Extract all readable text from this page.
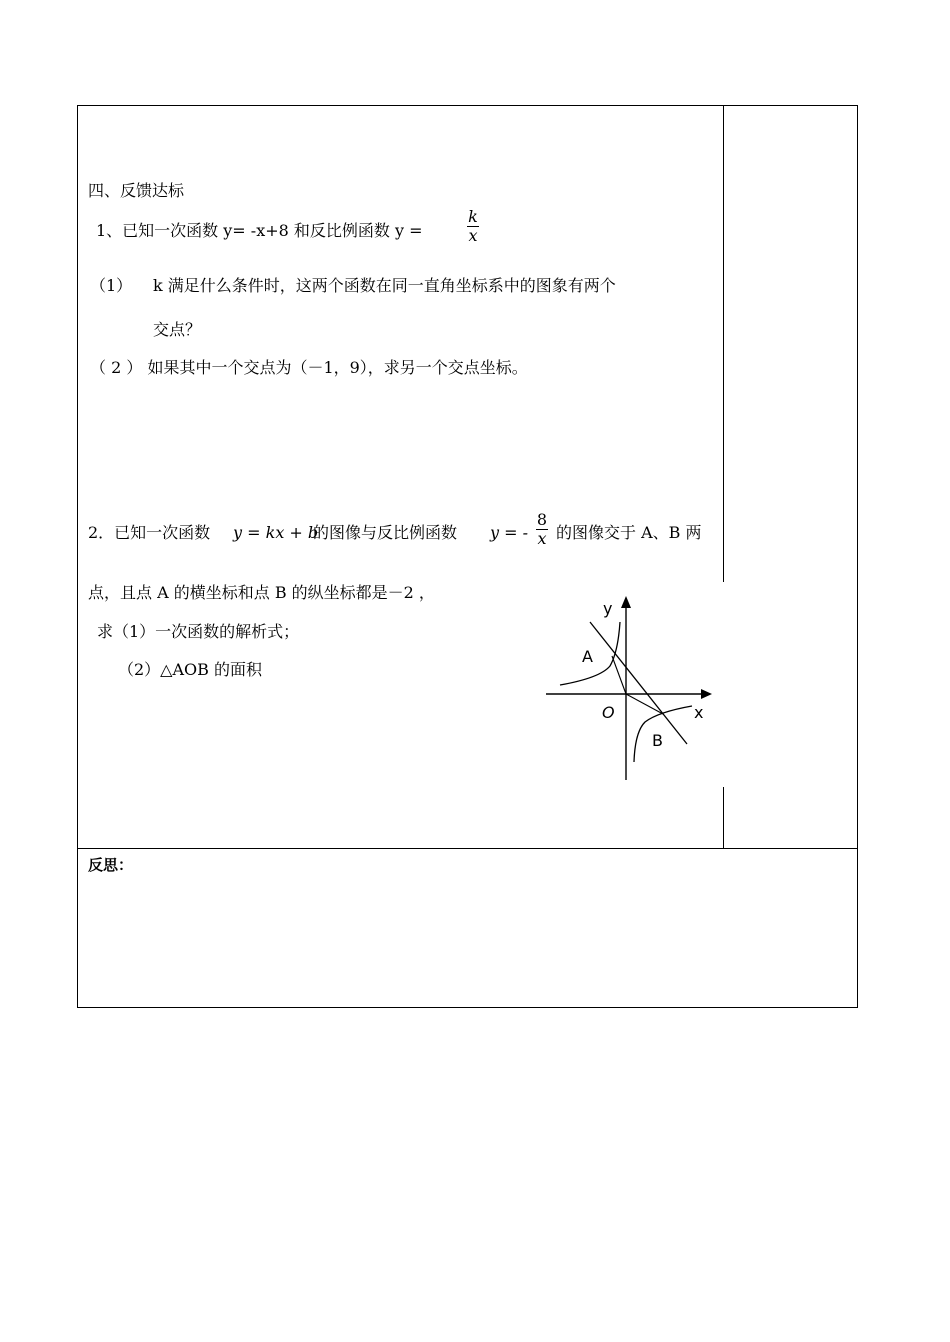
四、反馈达标
1、已知一次函数 y= -x+8 和反比例函数 y =
k
x
（1） k 满足什么条件时，这两个函数在同一直角坐标系中的图象有两个
交点？
（ 2 ） 如果其中一个交点为（－1，9），求另一个交点坐标。
2．已知一次函数 y = kx + b
的图像与反比例函数 y = -
8
x 的图像交于 A、B 两
点，且点 A 的横坐标和点 B 的纵坐标都是－2 ，
求（1）一次函数的解析式；
（2）△AOB 的面积
y
x
O
A
B
反思：
